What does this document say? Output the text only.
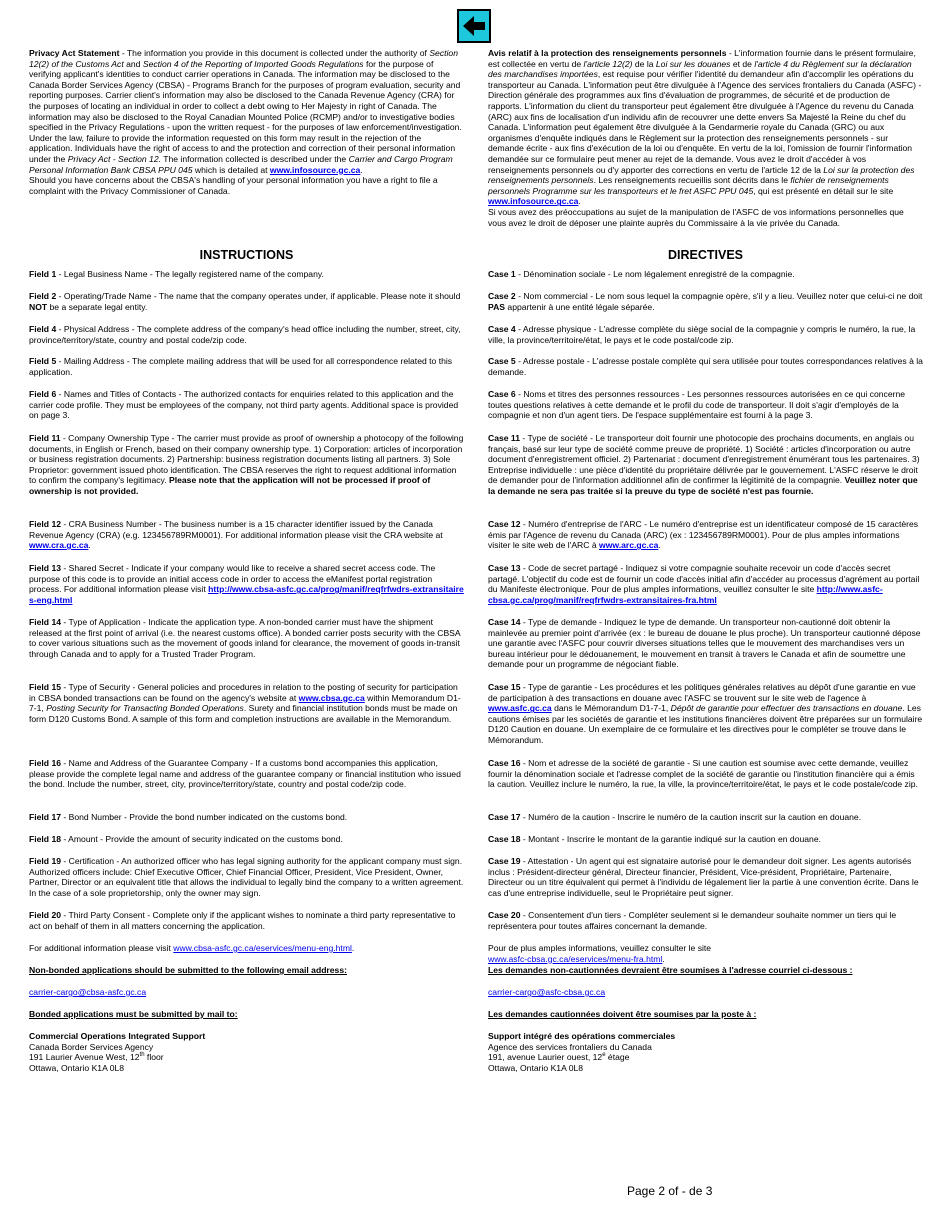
Privacy Act Statement - The information you provide in this document is collected under the authority of Section 12(2) of the Customs Act and Section 4 of the Reporting of Imported Goods Regulations for the purpose of verifying applicant's identities to conduct carrier operations in Canada. The information may be disclosed to the Canada Border Services Agency (CBSA) - Programs Branch for the purposes of program evaluation, security and reporting purposes. Carrier client's information may also be disclosed to the Canada Revenue Agency (CRA) for the purposes of locating an individual in order to collect a debt owing to Her Majesty in right of Canada. The information may also be disclosed to the Royal Canadian Mounted Police (RCMP) and/or to investigative bodies specified in the Privacy Regulations - upon the written request - for the purposes of law enforcement/investigation. Under the law, failure to provide the information requested on this form may result in the rejection of the application. Individuals have the right of access to and the protection and correction of their personal information under the Privacy Act - Section 12. The information collected is described under the Carrier and Cargo Program Personal Information Bank CBSA PPU 045 which is detailed at www.infosource.gc.ca.

Should you have concerns about the CBSA's handling of your personal information you have a right to file a complaint with the Privacy Commissioner of Canada.

Avis relatif à la protection des renseignements personnels - L'information fournie dans le présent formulaire, est collectée en vertu de l'article 12(2) de la Loi sur les douanes et de l'article 4 du Règlement sur la déclaration des marchandises importées, est requise pour vérifier l'identité du demandeur afin d'accomplir les opérations du transporteur au Canada. L'information peut être divulguée à l'Agence des services frontaliers du Canada (ASFC) - Direction générale des programmes aux fins d'évaluation de programmes, de sécurité et de production de rapports. L'information du client du transporteur peut également être divulguée à l'Agence du revenu du Canada (ARC) aux fins de localisation d'un individu afin de recouvrer une dette envers Sa Majesté la Reine du chef du Canada. L'information peut également être divulguée à la Gendarmerie royale du Canada (GRC) ou aux organismes d'enquête indiqués dans le Règlement sur la protection des renseignements personnels - sur demande écrite - aux fins d'exécution de la loi ou d'enquête. En vertu de la loi, l'omission de fournir l'information demandée sur ce formulaire peut mener au rejet de la demande. Vous avez le droit d'accéder à vos renseignements personnels ou d'y apporter des corrections en vertu de l'article 12 de la Loi sur la protection des renseignements personnels. Les renseignements recueillis sont décrits dans le fichier de renseignements personnels Programme sur les transporteurs et le fret ASFC PPU 045, qui est présenté en détail sur le site
www.infosource.gc.ca.

Si vous avez des préoccupations au sujet de la manipulation de l'ASFC de vos informations personnelles que vous avez le droit de déposer une plainte auprès du Commissaire à la vie privée du Canada.

INSTRUCTIONS	DIRECTIVES
Field 1 - Legal Business Name - The legally registered name of the company.
Field 2 - Operating/Trade Name - The name that the company operates under, if applicable. Please note it should NOT be a separate legal entity.
Field 4 - Physical Address - The complete address of the company's head office including the number, street, city, province/territory/state, country and postal code/zip code.
Field 5 - Mailing Address - The complete mailing address that will be used for all correspondence related to this application.
Field 6 - Names and Titles of Contacts - The authorized contacts for enquiries related to this application and the carrier code profile. They must be employees of the company, not third party agents. Additional space is provided on page 3.
Field 11 - Company Ownership Type - The carrier must provide as proof of ownership a photocopy of the following documents, in English or French, based on their company ownership type. 1) Corporation: articles of incorporation or business registration documents. 2) Partnership: business registration documents listing all partners. 3) Sole Proprietor: government issued photo identification. The CBSA reserves the right to request additional information to confirm the company's legitimacy. Please note that the application will not be processed if proof of ownership is not provided.
Field 12 - CRA Business Number - The business number is a 15 character identifier issued by the Canada Revenue Agency (CRA) (e.g. 123456789RM0001). For additional information please visit the CRA website at www.cra.gc.ca.
Field 13 - Shared Secret - Indicate if your company would like to receive a shared secret access code. The purpose of this code is to provide an initial access code in order to access the eManifest portal registration process. For additional information please visit http://www.cbsa-asfc.gc.ca/prog/manif/reqfrfwdrs-extransitaires-eng.html
Field 14 - Type of Application - Indicate the application type. A non-bonded carrier must have the shipment released at the first point of arrival (i.e. the nearest customs office). A bonded carrier posts security with the CBSA to cover various situations such as the movement of goods inland for clearance, the movement of goods in-transit through Canada and to apply for a Trusted Trader Program.
Field 15 - Type of Security - General policies and procedures in relation to the posting of security for participation in CBSA bonded transactions can be found on the agency's website at www.cbsa.gc.ca within Memorandum D1-7-1, Posting Security for Transacting Bonded Operations. Surety and financial institution bonds must be made on form D120 Customs Bond. A sample of this form and completion instructions are available in the Memorandum.
Field 16 - Name and Address of the Guarantee Company - If a customs bond accompanies this application, please provide the complete legal name and address of the guarantee company or financial institution who issued the bond. Include the number, street, city, province/territory/state, country and postal code/zip code.
Field 17 - Bond Number - Provide the bond number indicated on the customs bond.
Field 18 - Amount - Provide the amount of security indicated on the customs bond.
Field 19 - Certification - An authorized officer who has legal signing authority for the applicant company must sign. Authorized officers include: Chief Executive Officer, Chief Financial Officer, President, Vice President, Owner, Partner, Director or an equivalent title that allows the individual to legally bind the company to a written agreement. In the case of a sole proprietorship, only the owner may sign.
Field 20 - Third Party Consent - Complete only if the applicant wishes to nominate a third party representative to act on behalf of them in all matters concerning the application.
For additional information please visit www.cbsa-asfc.gc.ca/eservices/menu-eng.html.
Non-bonded applications should be submitted to the following email address:
carrier-cargo@cbsa-asfc.gc.ca
Bonded applications must be submitted by mail to:
Commercial Operations Integrated Support
Canada Border Services Agency
191 Laurier Avenue West, 12th floor
Ottawa, Ontario K1A 0L8
Case 1 - Dénomination sociale - Le nom légalement enregistré de la compagnie.
Case 2 - Nom commercial - Le nom sous lequel la compagnie opère, s'il y a lieu. Veuillez noter que celui-ci ne doit PAS appartenir à une entité légale séparée.
Case 4 - Adresse physique - L'adresse complète du siège social de la compagnie y compris le numéro, la rue, la ville, la province/territoire/état, le pays et le code postal/code zip.
Case 5 - Adresse postale - L'adresse postale complète qui sera utilisée pour toutes correspondances relatives à la demande.
Case 6 - Noms et titres des personnes ressources - Les personnes ressources autorisées en ce qui concerne toutes questions relatives à cette demande et le profil du code de transporteur. Il doit s'agir d'employés de la compagnie et non d'un agent tiers. De l'espace supplémentaire est fourni à la page 3.
Case 11 - Type de société - Le transporteur doit fournir une photocopie des prochains documents, en anglais ou français, basé sur leur type de société comme preuve de propriété. 1) Société : articles d'incorporation ou autre document d'enregistrement officiel. 2) Partenariat : document d'enregistrement énumérant tous les partenaires. 3) Entreprise individuelle : une pièce d'identité du propriétaire délivrée par le gouvernement. L'ASFC réserve le droit de demander pour de l'information additionnel afin de confirmer la légitimité de la compagnie. Veuillez noter que la demande ne sera pas traitée si la preuve du type de société n'est pas fournie.
Case 12 - Numéro d'entreprise de l'ARC - Le numéro d'entreprise est un identificateur composé de 15 caractères émis par l'Agence de revenu du Canada (ARC) (ex : 123456789RM0001). Pour de plus amples informations visiter le site web de l'ARC à www.arc.gc.ca.
Case 13 - Code de secret partagé - Indiquez si votre compagnie souhaite recevoir un code d'accès secret partagé. L'objectif du code est de fournir un code d'accès initial afin d'accéder au processus d'agrément au portail du Manifeste électronique. Pour de plus amples informations, veuillez consulter le site http://www.asfc-cbsa.gc.ca/prog/manif/reqfrfwdrs-extransitaires-fra.html
Case 14 - Type de demande - Indiquez le type de demande. Un transporteur non-cautionné doit obtenir la mainlevée au premier point d'arrivée (ex : le bureau de douane le plus proche). Un transporteur cautionné dépose une garantie avec l'ASFC pour couvrir diverses situations telles que le mouvement des marchandises vers un bureau intérieur pour le dédouanement, le mouvement en transit à travers le Canada et afin de soumettre une demande pour un programme de négociant fiable.
Case 15 - Type de garantie - Les procédures et les politiques générales relatives au dépôt d'une garantie en vue de participation à des transactions en douane avec l'ASFC se trouvent sur le site web de l'agence à www.asfc.gc.ca dans le Mémorandum D1-7-1, Dépôt de garantie pour effectuer des transactions en douane. Les cautions émises par les sociétés de garantie et les institutions financières doivent être préparées sur un formulaire D120 Caution en douane. Un exemplaire de ce formulaire et les directives pour le compléter se trouve dans le Mémorandum.
Case 16 - Nom et adresse de la société de garantie - Si une caution est soumise avec cette demande, veuillez fournir la dénomination sociale et l'adresse complet de la société de garantie ou l'institution financière qui a émis la caution. Veuillez inclure le numéro, la rue, la ville, la province/territoire/état, le pays et le code postale/code zip.
Case 17 - Numéro de la caution - Inscrire le numéro de la caution inscrit sur la caution en douane.
Case 18 - Montant - Inscrire le montant de la garantie indiqué sur la caution en douane.
Case 19 - Attestation - Un agent qui est signataire autorisé pour le demandeur doit signer. Les agents autorisés inclus : Président-directeur général, Directeur financier, Président, Vice-président, Propriétaire, Partenaire, Directeur ou un titre équivalent qui permet à l'individu de légalement lier la partie à une convention écrite. Dans le cas d'une entreprise individuelle, seul le Propriétaire peut signer.
Case 20 - Consentement d'un tiers - Compléter seulement si le demandeur souhaite nommer un tiers qui le représentera pour toutes affaires concernant la demande.
Pour de plus amples informations, veuillez consulter le site
www.asfc-cbsa.gc.ca/eservices/menu-fra.html.
Les demandes non-cautionnées devraient être soumises à l'adresse courriel ci-dessous :
carrier-cargo@asfc-cbsa.gc.ca
Les demandes cautionnées doivent être soumises par la poste à :
Support intégré des opérations commerciales
Agence des services frontaliers du Canada
191, avenue Laurier ouest, 12e étage
Ottawa, Ontario K1A 0L8
Page 2 of - de 3
